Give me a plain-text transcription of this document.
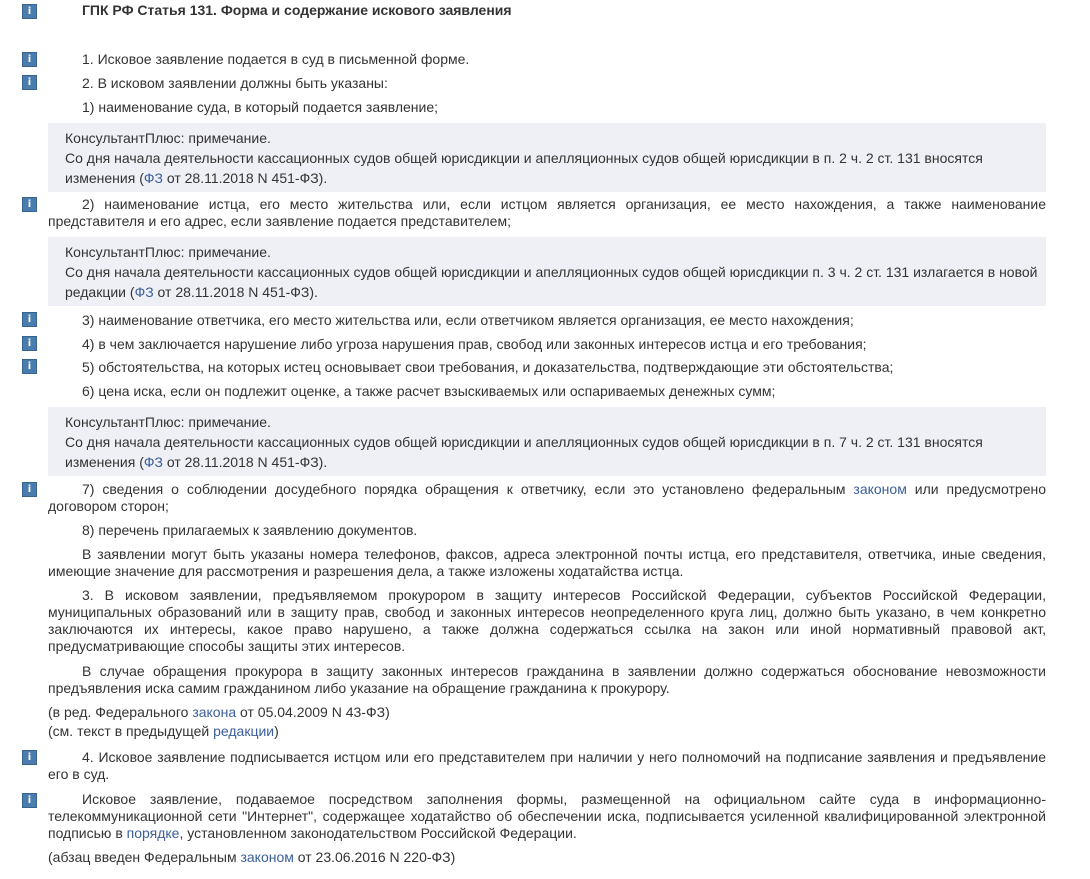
i
i
i
i
i
i
i
i
i
i
ГПК РФ Статья 131. Форма и содержание искового заявления
1. Исковое заявление подается в суд в письменной форме.
2. В исковом заявлении должны быть указаны:
1) наименование суда, в который подается заявление;
КонсультантПлюс: примечание.
Со дня начала деятельности кассационных судов общей юрисдикции и апелляционных судов общей юрисдикции в п. 2 ч. 2 ст. 131 вносятся изменения (ФЗ от 28.11.2018 N 451-ФЗ).
2) наименование истца, его место жительства или, если истцом является организация, ее место нахождения, а также наименование представителя и его адрес, если заявление подается представителем;
КонсультантПлюс: примечание.
Со дня начала деятельности кассационных судов общей юрисдикции и апелляционных судов общей юрисдикции п. 3 ч. 2 ст. 131 излагается в новой редакции (ФЗ от 28.11.2018 N 451-ФЗ).
3) наименование ответчика, его место жительства или, если ответчиком является организация, ее место нахождения;
4) в чем заключается нарушение либо угроза нарушения прав, свобод или законных интересов истца и его требования;
5) обстоятельства, на которых истец основывает свои требования, и доказательства, подтверждающие эти обстоятельства;
6) цена иска, если он подлежит оценке, а также расчет взыскиваемых или оспариваемых денежных сумм;
КонсультантПлюс: примечание.
Со дня начала деятельности кассационных судов общей юрисдикции и апелляционных судов общей юрисдикции в п. 7 ч. 2 ст. 131 вносятся изменения (ФЗ от 28.11.2018 N 451-ФЗ).
7) сведения о соблюдении досудебного порядка обращения к ответчику, если это установлено федеральным законом или предусмотрено договором сторон;
8) перечень прилагаемых к заявлению документов.
В заявлении могут быть указаны номера телефонов, факсов, адреса электронной почты истца, его представителя, ответчика, иные сведения, имеющие значение для рассмотрения и разрешения дела, а также изложены ходатайства истца.
3. В исковом заявлении, предъявляемом прокурором в защиту интересов Российской Федерации, субъектов Российской Федерации, муниципальных образований или в защиту прав, свобод и законных интересов неопределенного круга лиц, должно быть указано, в чем конкретно заключаются их интересы, какое право нарушено, а также должна содержаться ссылка на закон или иной нормативный правовой акт, предусматривающие способы защиты этих интересов.
В случае обращения прокурора в защиту законных интересов гражданина в заявлении должно содержаться обоснование невозможности предъявления иска самим гражданином либо указание на обращение гражданина к прокурору.
(в ред. Федерального закона от 05.04.2009 N 43-ФЗ)
(см. текст в предыдущей редакции)
4. Исковое заявление подписывается истцом или его представителем при наличии у него полномочий на подписание заявления и предъявление его в суд.
Исковое заявление, подаваемое посредством заполнения формы, размещенной на официальном сайте суда в информационно-телекоммуникационной сети "Интернет", содержащее ходатайство об обеспечении иска, подписывается усиленной квалифицированной электронной подписью в порядке, установленном законодательством Российской Федерации.
(абзац введен Федеральным законом от 23.06.2016 N 220-ФЗ)
